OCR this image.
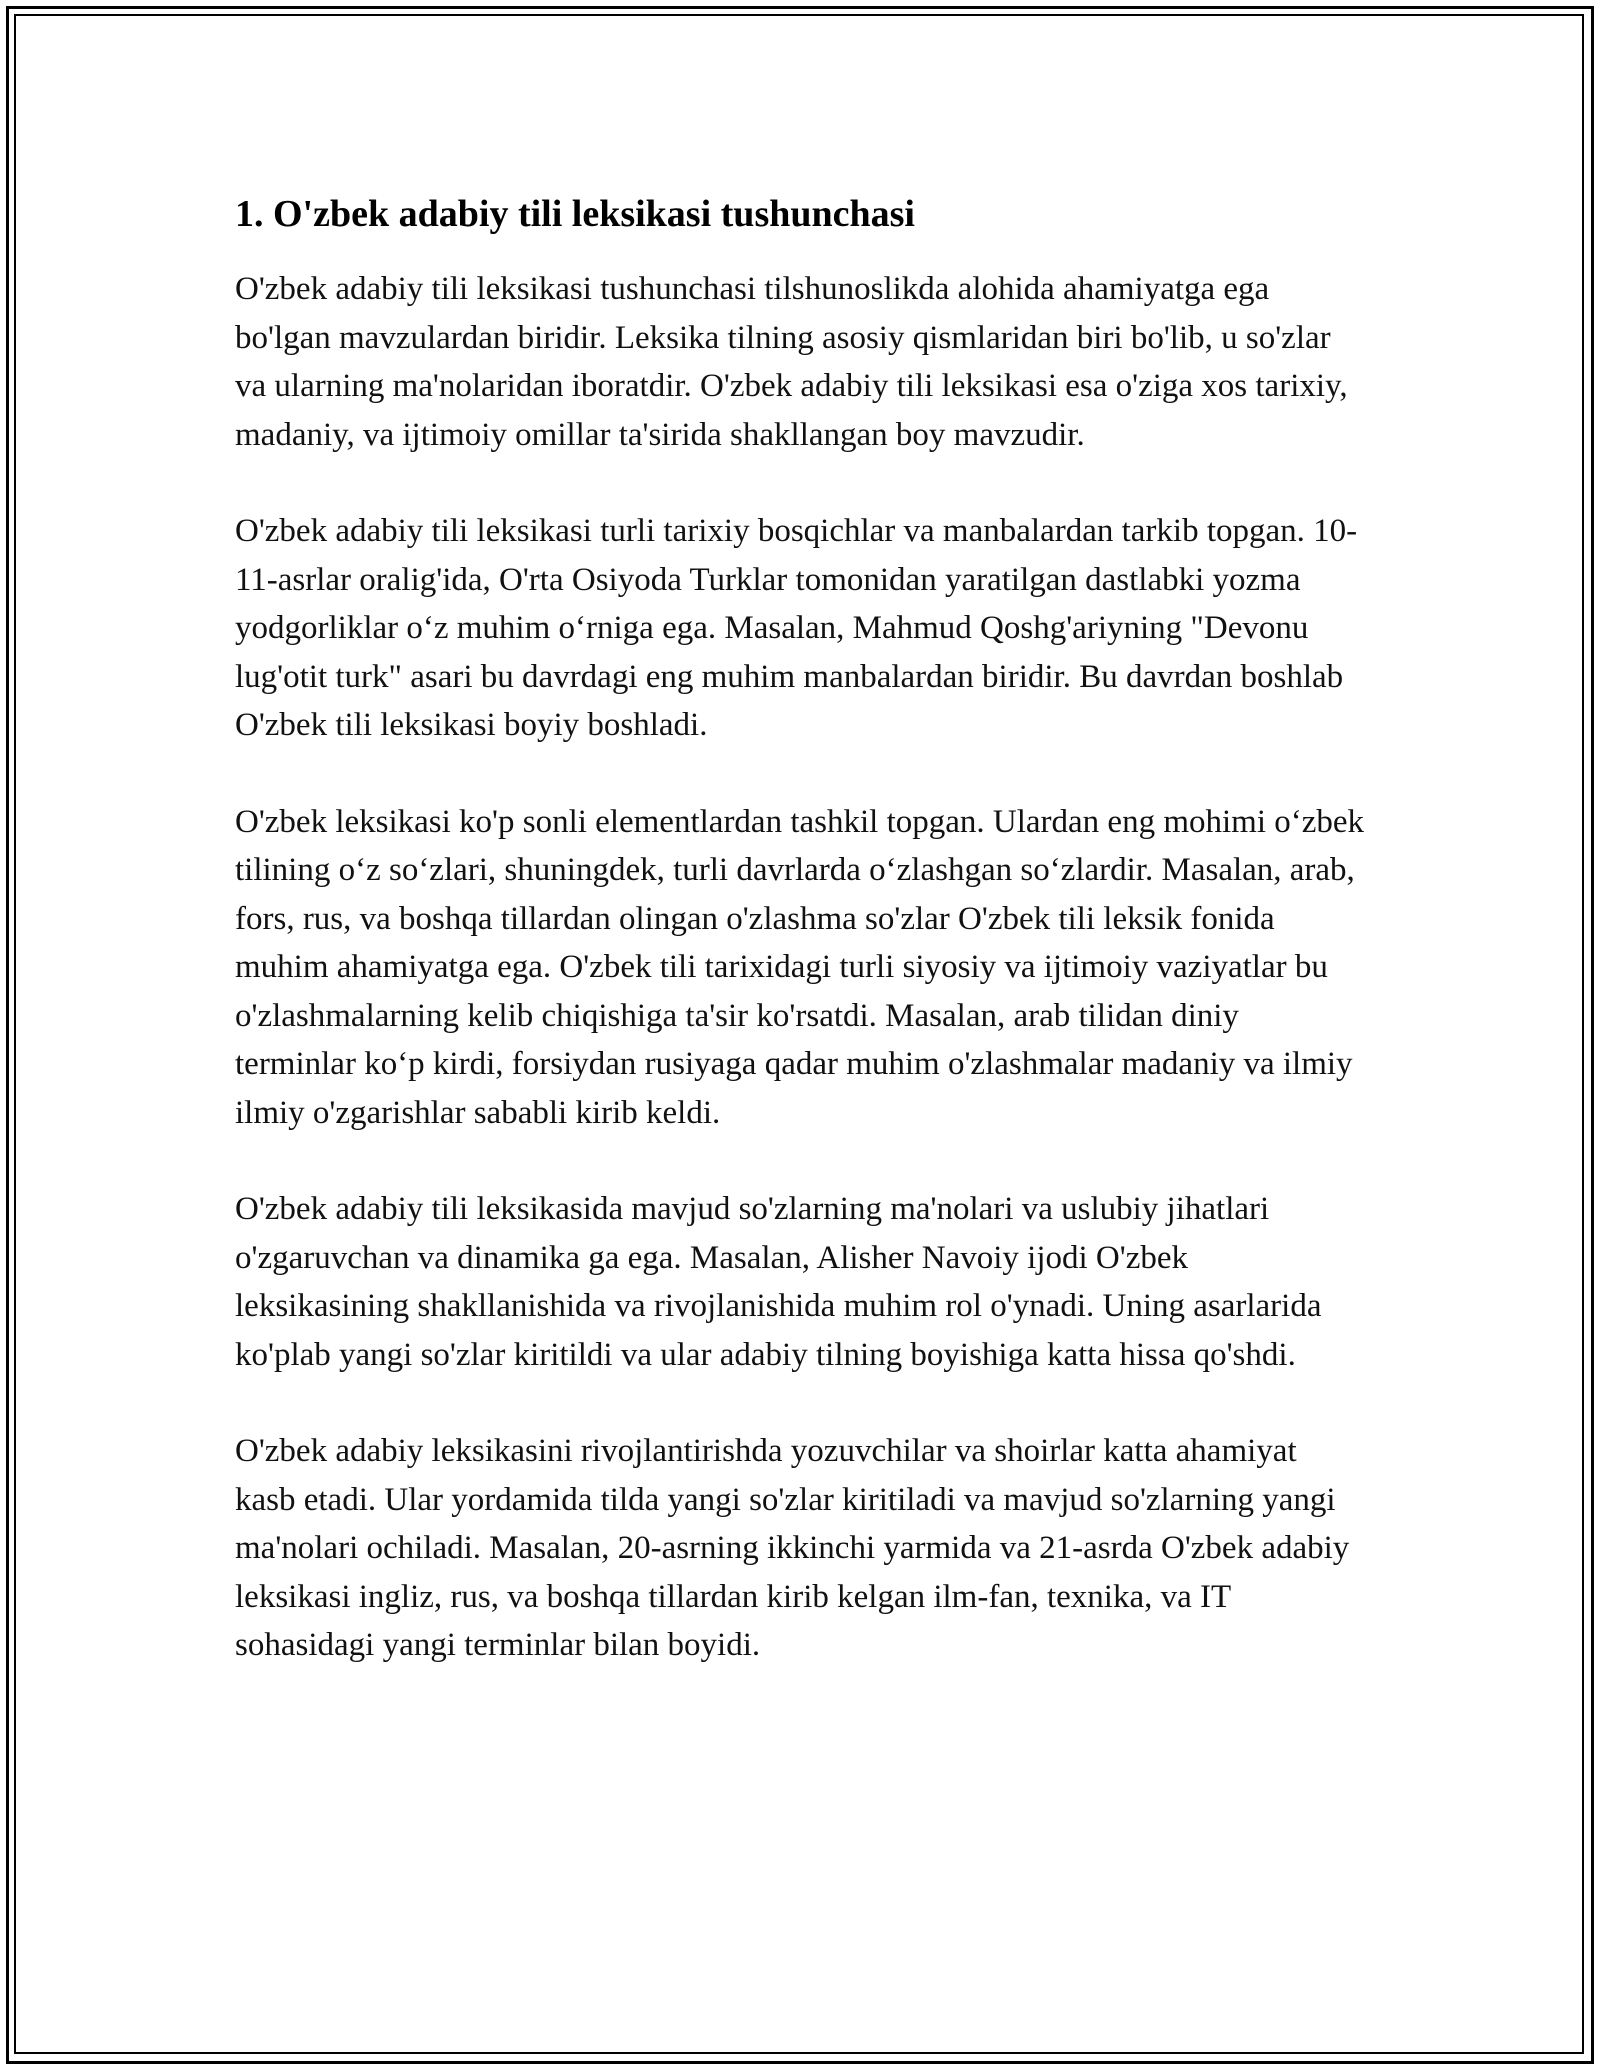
1. O'zbek adabiy tili leksikasi tushunchasi

O'zbek adabiy tili leksikasi tushunchasi tilshunoslikda alohida ahamiyatga ega bo'lgan mavzulardan biridir. Leksika tilning asosiy qismlaridan biri bo'lib, u so'zlar va ularning ma'nolaridan iboratdir. O'zbek adabiy tili leksikasi esa o'ziga xos tarixiy, madaniy, va ijtimoiy omillar ta'sirida shakllangan boy mavzudir.

O'zbek adabiy tili leksikasi turli tarixiy bosqichlar va manbalardan tarkib topgan. 10-11-asrlar oralig'ida, O'rta Osiyoda Turklar tomonidan yaratilgan dastlabki yozma yodgorliklar o‘z muhim o‘rniga ega. Masalan, Mahmud Qoshg'ariyning "Devonu lug'otit turk" asari bu davrdagi eng muhim manbalardan biridir. Bu davrdan boshlab O'zbek tili leksikasi boyiy boshladi.

O'zbek leksikasi ko'p sonli elementlardan tashkil topgan. Ulardan eng mohimi o‘zbek tilining o‘z so‘zlari, shuningdek, turli davrlarda o‘zlashgan so‘zlardir. Masalan, arab, fors, rus, va boshqa tillardan olingan o'zlashma so'zlar O'zbek tili leksik fonida muhim ahamiyatga ega. O'zbek tili tarixidagi turli siyosiy va ijtimoiy vaziyatlar bu o'zlashmalarning kelib chiqishiga ta'sir ko'rsatdi. Masalan, arab tilidan diniy terminlar ko‘p kirdi, forsiydan rusiyaga qadar muhim o'zlashmalar madaniy va ilmiy ilmiy o'zgarishlar sababli kirib keldi.

O'zbek adabiy tili leksikasida mavjud so'zlarning ma'nolari va uslubiy jihatlari o'zgaruvchan va dinamika ga ega. Masalan, Alisher Navoiy ijodi O'zbek leksikasining shakllanishida va rivojlanishida muhim rol o'ynadi. Uning asarlarida ko'plab yangi so'zlar kiritildi va ular adabiy tilning boyishiga katta hissa qo'shdi.

O'zbek adabiy leksikasini rivojlantirishda yozuvchilar va shoirlar katta ahamiyat kasb etadi. Ular yordamida tilda yangi so'zlar kiritiladi va mavjud so'zlarning yangi ma'nolari ochiladi. Masalan, 20-asrning ikkinchi yarmida va 21-asrda O'zbek adabiy leksikasi ingliz, rus, va boshqa tillardan kirib kelgan ilm-fan, texnika, va IT sohasidagi yangi terminlar bilan boyidi.
